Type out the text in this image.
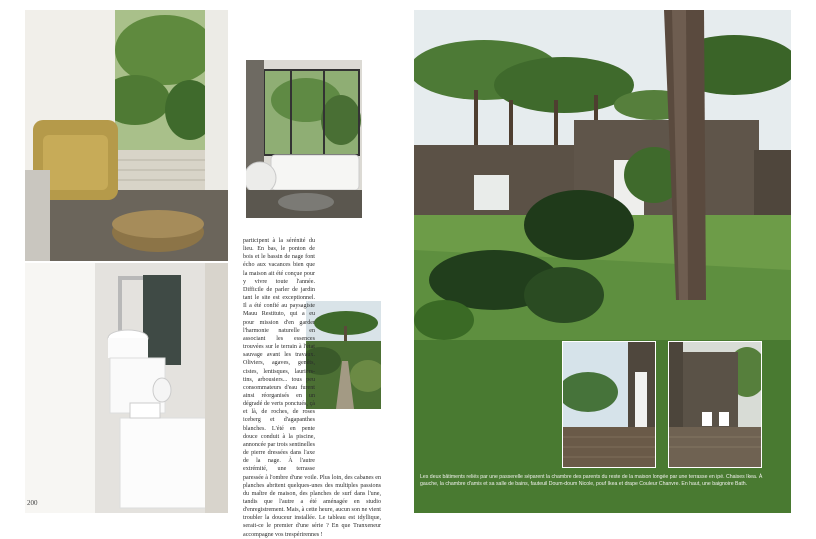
participent à la sérénité du lieu. En bas, le ponton de bois et le bassin de nage font écho aux vacances bien que la maison ait été conçue pour y vivre toute l'année. Difficile de parler de jardin tant le site est exceptionnel. Il a été confié au paysagiste Mauu Restituto, qui a eu pour mission d'en garder l'harmonie naturelle en associant les essences trouvées sur le terrain à l'état sauvage avant les travaux. Oliviers, agaves, genêts, cistes, lentisques, lauriers-tins, arbousiers... tous peu consommateurs d'eau furent ainsi réorganisés en un dégradé de verts ponctués, çà et là, de roches, de roses iceberg et d'agapanthes blanches. L'été en pente douce conduit à la piscine, annoncée par trois sentinelles de pierre dressées dans l'axe de la nage. À l'autre extrémité, une terrasse paressée à l'ombre d'une voile. Plus loin, des cabanes en planches abritent quelques-unes des multiples passions du maître de maison, des planches de surf dans l'une, tandis que l'autre a été aménagée en studio d'enregistrement. Mais, à cette heure, aucun son ne vient troubler la douceur installée. Le tableau est idyllique, serait-ce le premier d'une série ? En que Tranxeneur accompagne vos trespérirennes !
200
Les deux bâtiments reliés par une passerelle séparent la chambre des parents du reste de la maison longée par une terrasse en ipé. Chaises Ikea. À gauche, la chambre d'amis et sa salle de bains, fauteuil Doum-doum Nicole, pouf Ikea et drape Couleur Chanvre. En haut, une baignoire Bath.
